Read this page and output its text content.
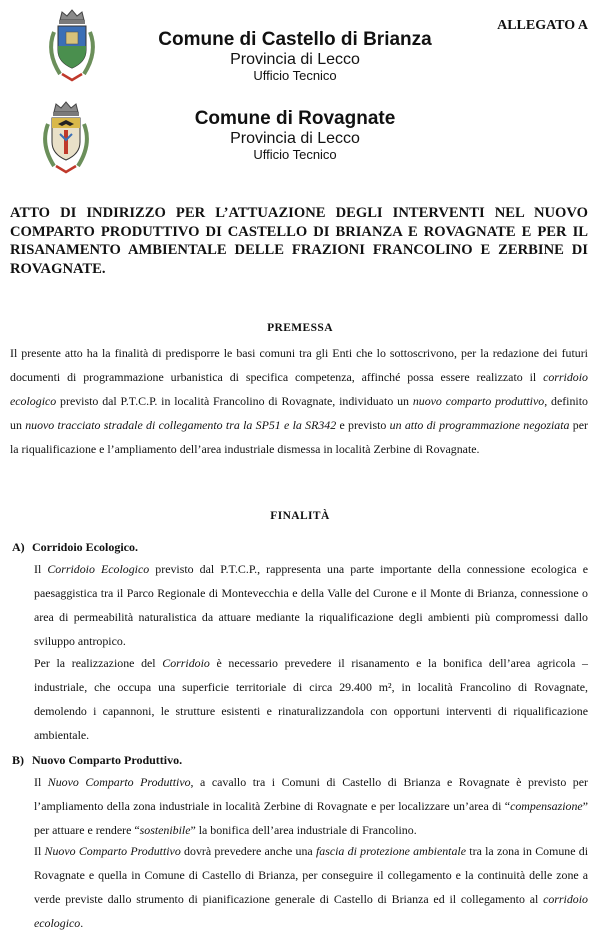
ALLEGATO A
Comune di Castello di Brianza
Provincia di Lecco
Ufficio Tecnico
Comune di Rovagnate
Provincia di Lecco
Ufficio Tecnico
ATTO DI INDIRIZZO PER L’ATTUAZIONE DEGLI INTERVENTI NEL NUOVO COMPARTO PRODUTTIVO DI CASTELLO DI BRIANZA E ROVAGNATE E PER IL RISANAMENTO AMBIENTALE DELLE FRAZIONI FRANCOLINO E ZERBINE DI ROVAGNATE.
PREMESSA

Il presente atto ha la finalità di predisporre le basi comuni tra gli Enti che lo sottoscrivono, per la redazione dei futuri documenti di programmazione urbanistica di specifica competenza, affinché possa essere realizzato il corridoio ecologico previsto dal P.T.C.P. in località Francolino di Rovagnate, individuato un nuovo comparto produttivo, definito un nuovo tracciato stradale di collegamento tra la SP51 e la SR342 e previsto un atto di programmazione negoziata per la riqualificazione e l’ampliamento dell’area industriale dismessa in località Zerbine di Rovagnate.

FINALITÀ
A) Corridoio Ecologico.

Il Corridoio Ecologico previsto dal P.T.C.P., rappresenta una parte importante della connessione ecologica e paesaggistica tra il Parco Regionale di Montevecchia e della Valle del Curone e il Monte di Brianza, connessione o area di permeabilità naturalistica da attuare mediante la riqualificazione degli ambienti più compromessi dallo sviluppo antropico.

Per la realizzazione del Corridoio è necessario prevedere il risanamento e la bonifica dell’area agricola – industriale, che occupa una superficie territoriale di circa 29.400 m², in località Francolino di Rovagnate, demolendo i capannoni, le strutture esistenti e rinaturalizzandola con opportuni interventi di riqualificazione ambientale.

B) Nuovo Comparto Produttivo.

Il Nuovo Comparto Produttivo, a cavallo tra i Comuni di Castello di Brianza e Rovagnate è previsto per l’ampliamento della zona industriale in località Zerbine di Rovagnate e per localizzare un’area di “compensazione” per attuare e rendere “sostenibile” la bonifica dell’area industriale di Francolino.

Il Nuovo Comparto Produttivo dovrà prevedere anche una fascia di protezione ambientale tra la zona in Comune di Rovagnate e quella in Comune di Castello di Brianza, per conseguire il collegamento e la continuità delle zone a verde previste dallo strumento di pianificazione generale di Castello di Brianza ed il collegamento al corridoio ecologico.
